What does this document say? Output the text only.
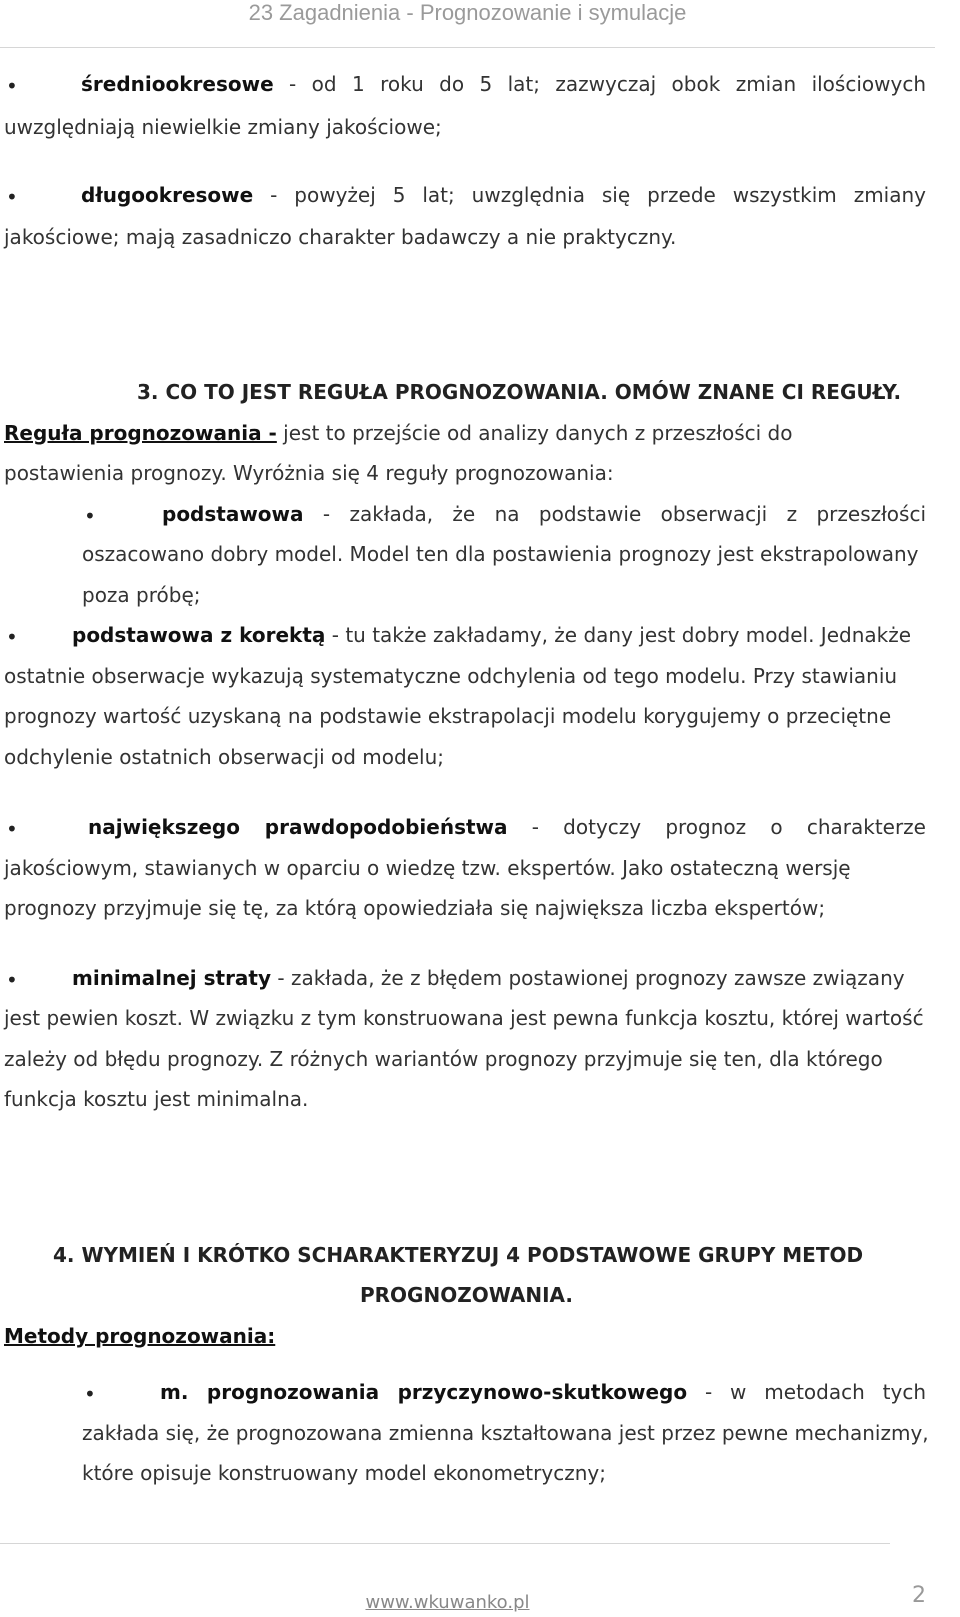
23 Zagadnienia - Prognozowanie i symulacje
•	średniookresowe - od 1 roku do 5 lat; zazwyczaj obok zmian ilościowych
uwzględniają niewielkie zmiany jakościowe;
•	długookresowe - powyżej 5 lat; uwzględnia się przede wszystkim zmiany
jakościowe; mają zasadniczo charakter badawczy a nie praktyczny.
3. CO TO JEST REGUŁA PROGNOZOWANIA. OMÓW ZNANE CI REGUŁY.
Reguła prognozowania - jest to przejście od analizy danych z przeszłości do
postawienia prognozy. Wyróżnia się 4 reguły prognozowania:
•	podstawowa - zakłada, że na podstawie obserwacji z przeszłości
oszacowano dobry model. Model ten dla postawienia prognozy jest ekstrapolowany
poza próbę;
•	podstawowa z korektą - tu także zakładamy, że dany jest dobry model. Jednakże
ostatnie obserwacje wykazują systematyczne odchylenia od tego modelu. Przy stawianiu
prognozy wartość uzyskaną na podstawie ekstrapolacji modelu korygujemy o przeciętne
odchylenie ostatnich obserwacji od modelu;
•	największego prawdopodobieństwa - dotyczy prognoz o charakterze
jakościowym, stawianych w oparciu o wiedzę tzw. ekspertów. Jako ostateczną wersję
prognozy przyjmuje się tę, za którą opowiedziała się największa liczba ekspertów;
•	minimalnej straty - zakłada, że z błędem postawionej prognozy zawsze związany
jest pewien koszt. W związku z tym konstruowana jest pewna funkcja kosztu, której wartość
zależy od błędu prognozy. Z różnych wariantów prognozy przyjmuje się ten, dla którego
funkcja kosztu jest minimalna.
4. WYMIEŃ I KRÓTKO SCHARAKTERYZUJ 4 PODSTAWOWE GRUPY METOD
PROGNOZOWANIA.
Metody prognozowania:
•	m. prognozowania przyczynowo-skutkowego - w metodach tych
zakłada się, że prognozowana zmienna kształtowana jest przez pewne mechanizmy,
które opisuje konstruowany model ekonometryczny;
www.wkuwanko.pl	2
